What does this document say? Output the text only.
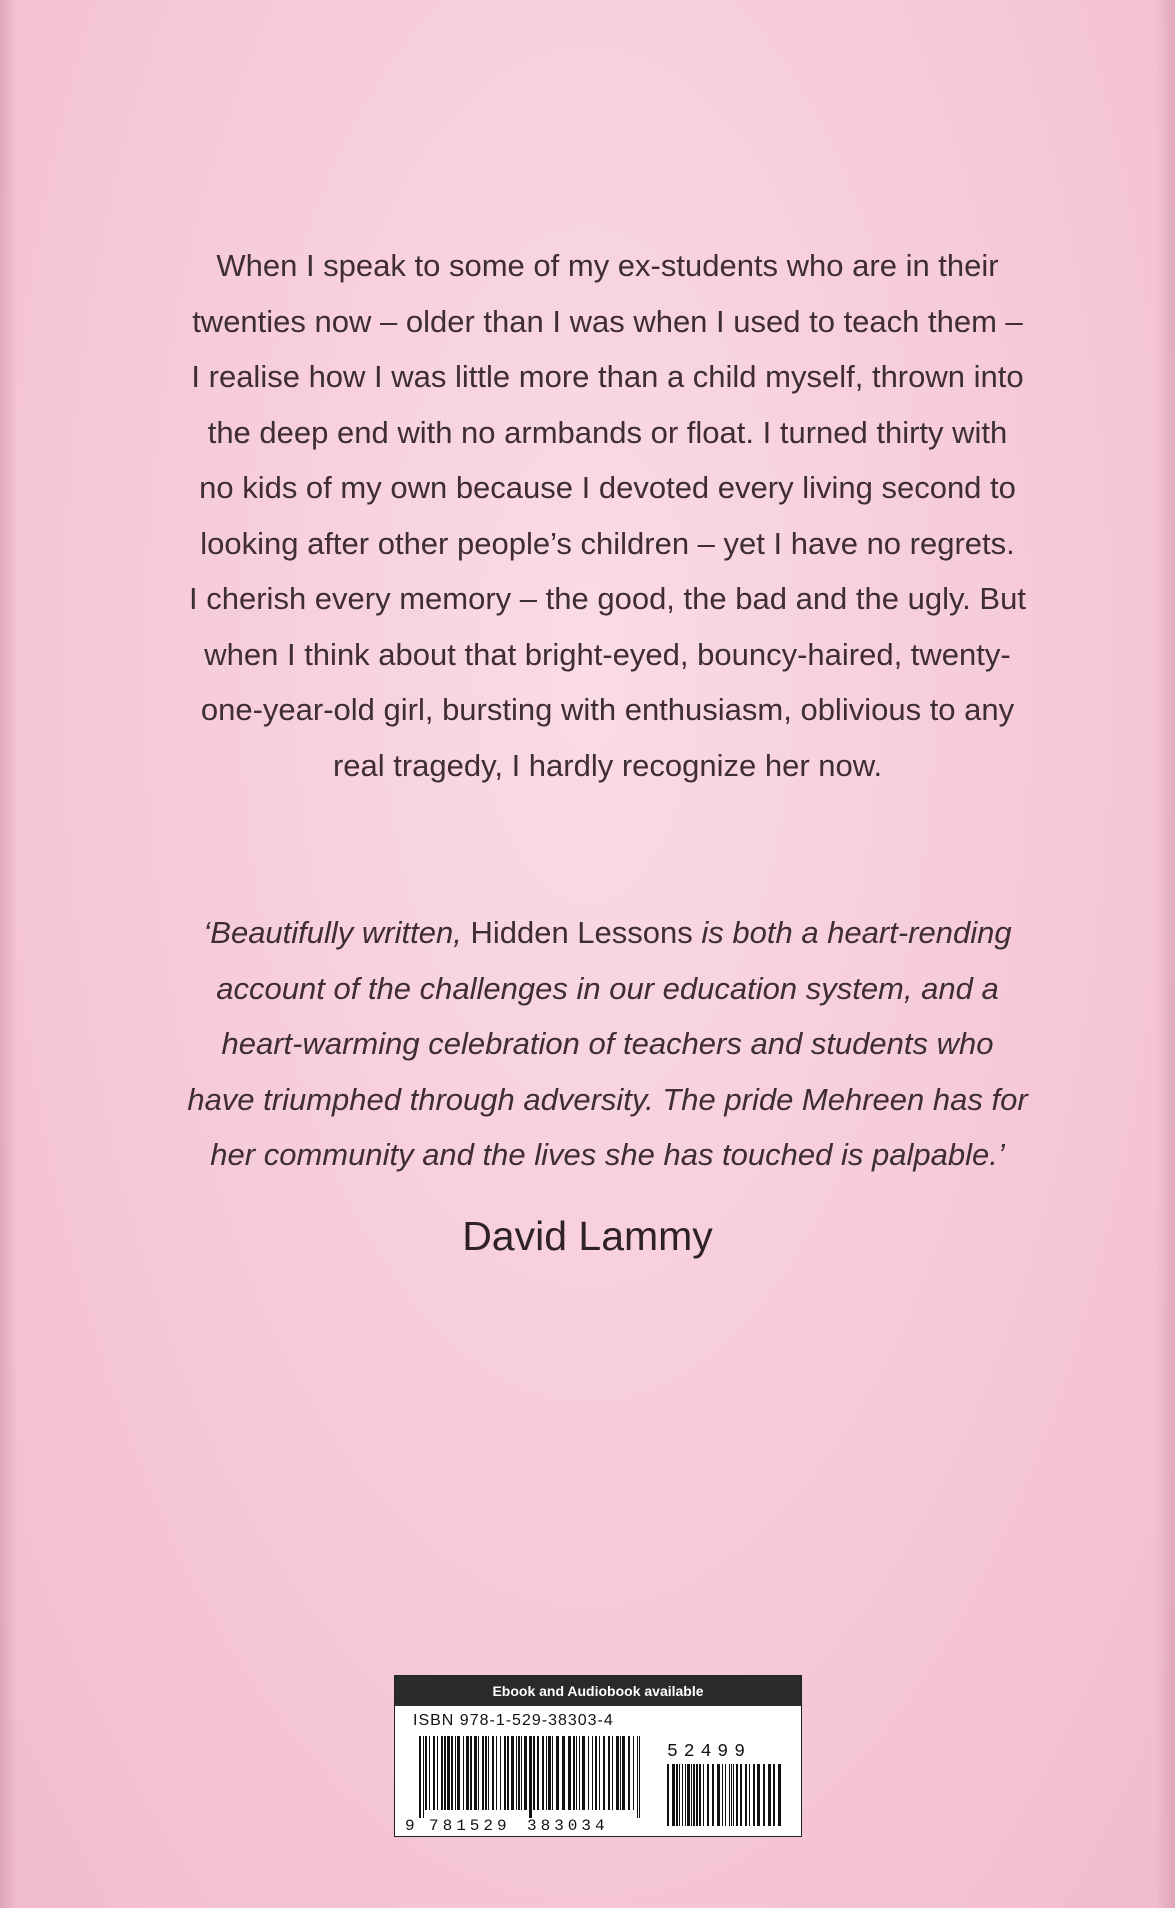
When I speak to some of my ex-students who are in their
twenties now – older than I was when I used to teach them –
I realise how I was little more than a child myself, thrown into
the deep end with no armbands or float. I turned thirty with
no kids of my own because I devoted every living second to
looking after other people’s children – yet I have no regrets.
I cherish every memory – the good, the bad and the ugly. But
when I think about that bright-eyed, bouncy-haired, twenty-
one-year-old girl, bursting with enthusiasm, oblivious to any
real tragedy, I hardly recognize her now.
‘Beautifully written, Hidden Lessons is both a heart-rending
account of the challenges in our education system, and a
heart-warming celebration of teachers and students who
have triumphed through adversity. The pride Mehreen has for
her community and the lives she has touched is palpable.’
David Lammy
Ebook and Audiobook available
ISBN 978-1-529-38303-4
9 781529 383034
52499
